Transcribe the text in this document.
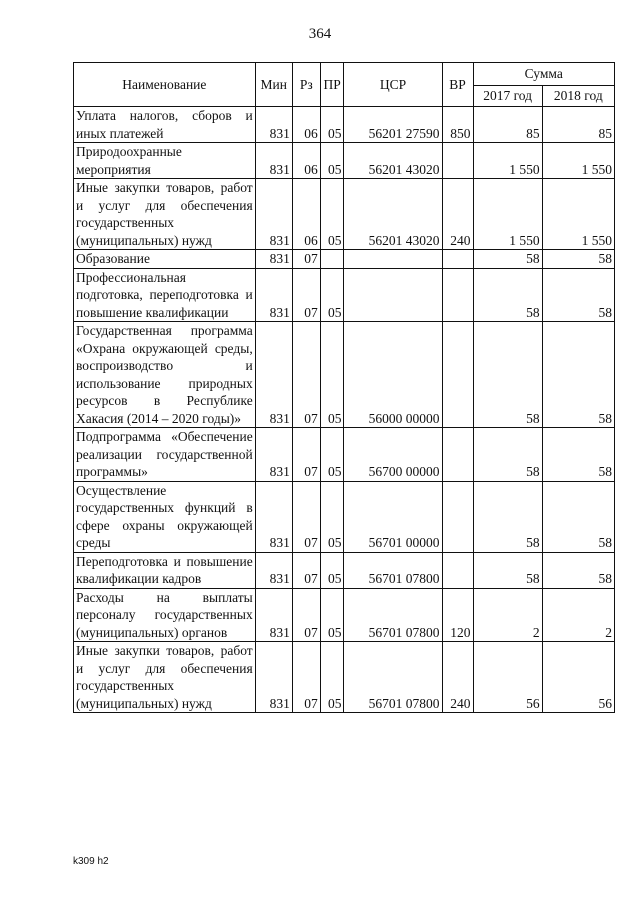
364
Наименование	Мин	Рз	ПР	ЦСР	ВР	Сумма	
						2017 год	2018 год
Уплата налогов, сборов и иных платежей	831	06	05	56201 27590	850	85	85
Природоохранные мероприятия	831	06	05	56201 43020		1 550	1 550
Иные закупки товаров, работ и услуг для обеспечения государственных (муниципальных) нужд	831	06	05	56201 43020	240	1 550	1 550
Образование	831	07				58	58
Профессиональная подготовка, переподготовка и повышение квалификации	831	07	05			58	58
Государственная программа «Охрана окружающей среды, воспроизводство и использование природных ресурсов в Республике Хакасия (2014 – 2020 годы)»	831	07	05	56000 00000		58	58
Подпрограмма «Обеспечение реализации государственной программы»	831	07	05	56700 00000		58	58
Осуществление государственных функций в сфере охраны окружающей среды	831	07	05	56701 00000		58	58
Переподготовка и повышение квалификации кадров	831	07	05	56701 07800		58	58
Расходы на выплаты персоналу государственных (муниципальных) органов	831	07	05	56701 07800	120	2	2
Иные закупки товаров, работ и услуг для обеспечения государственных (муниципальных) нужд	831	07	05	56701 07800	240	56	56
k309 h2
